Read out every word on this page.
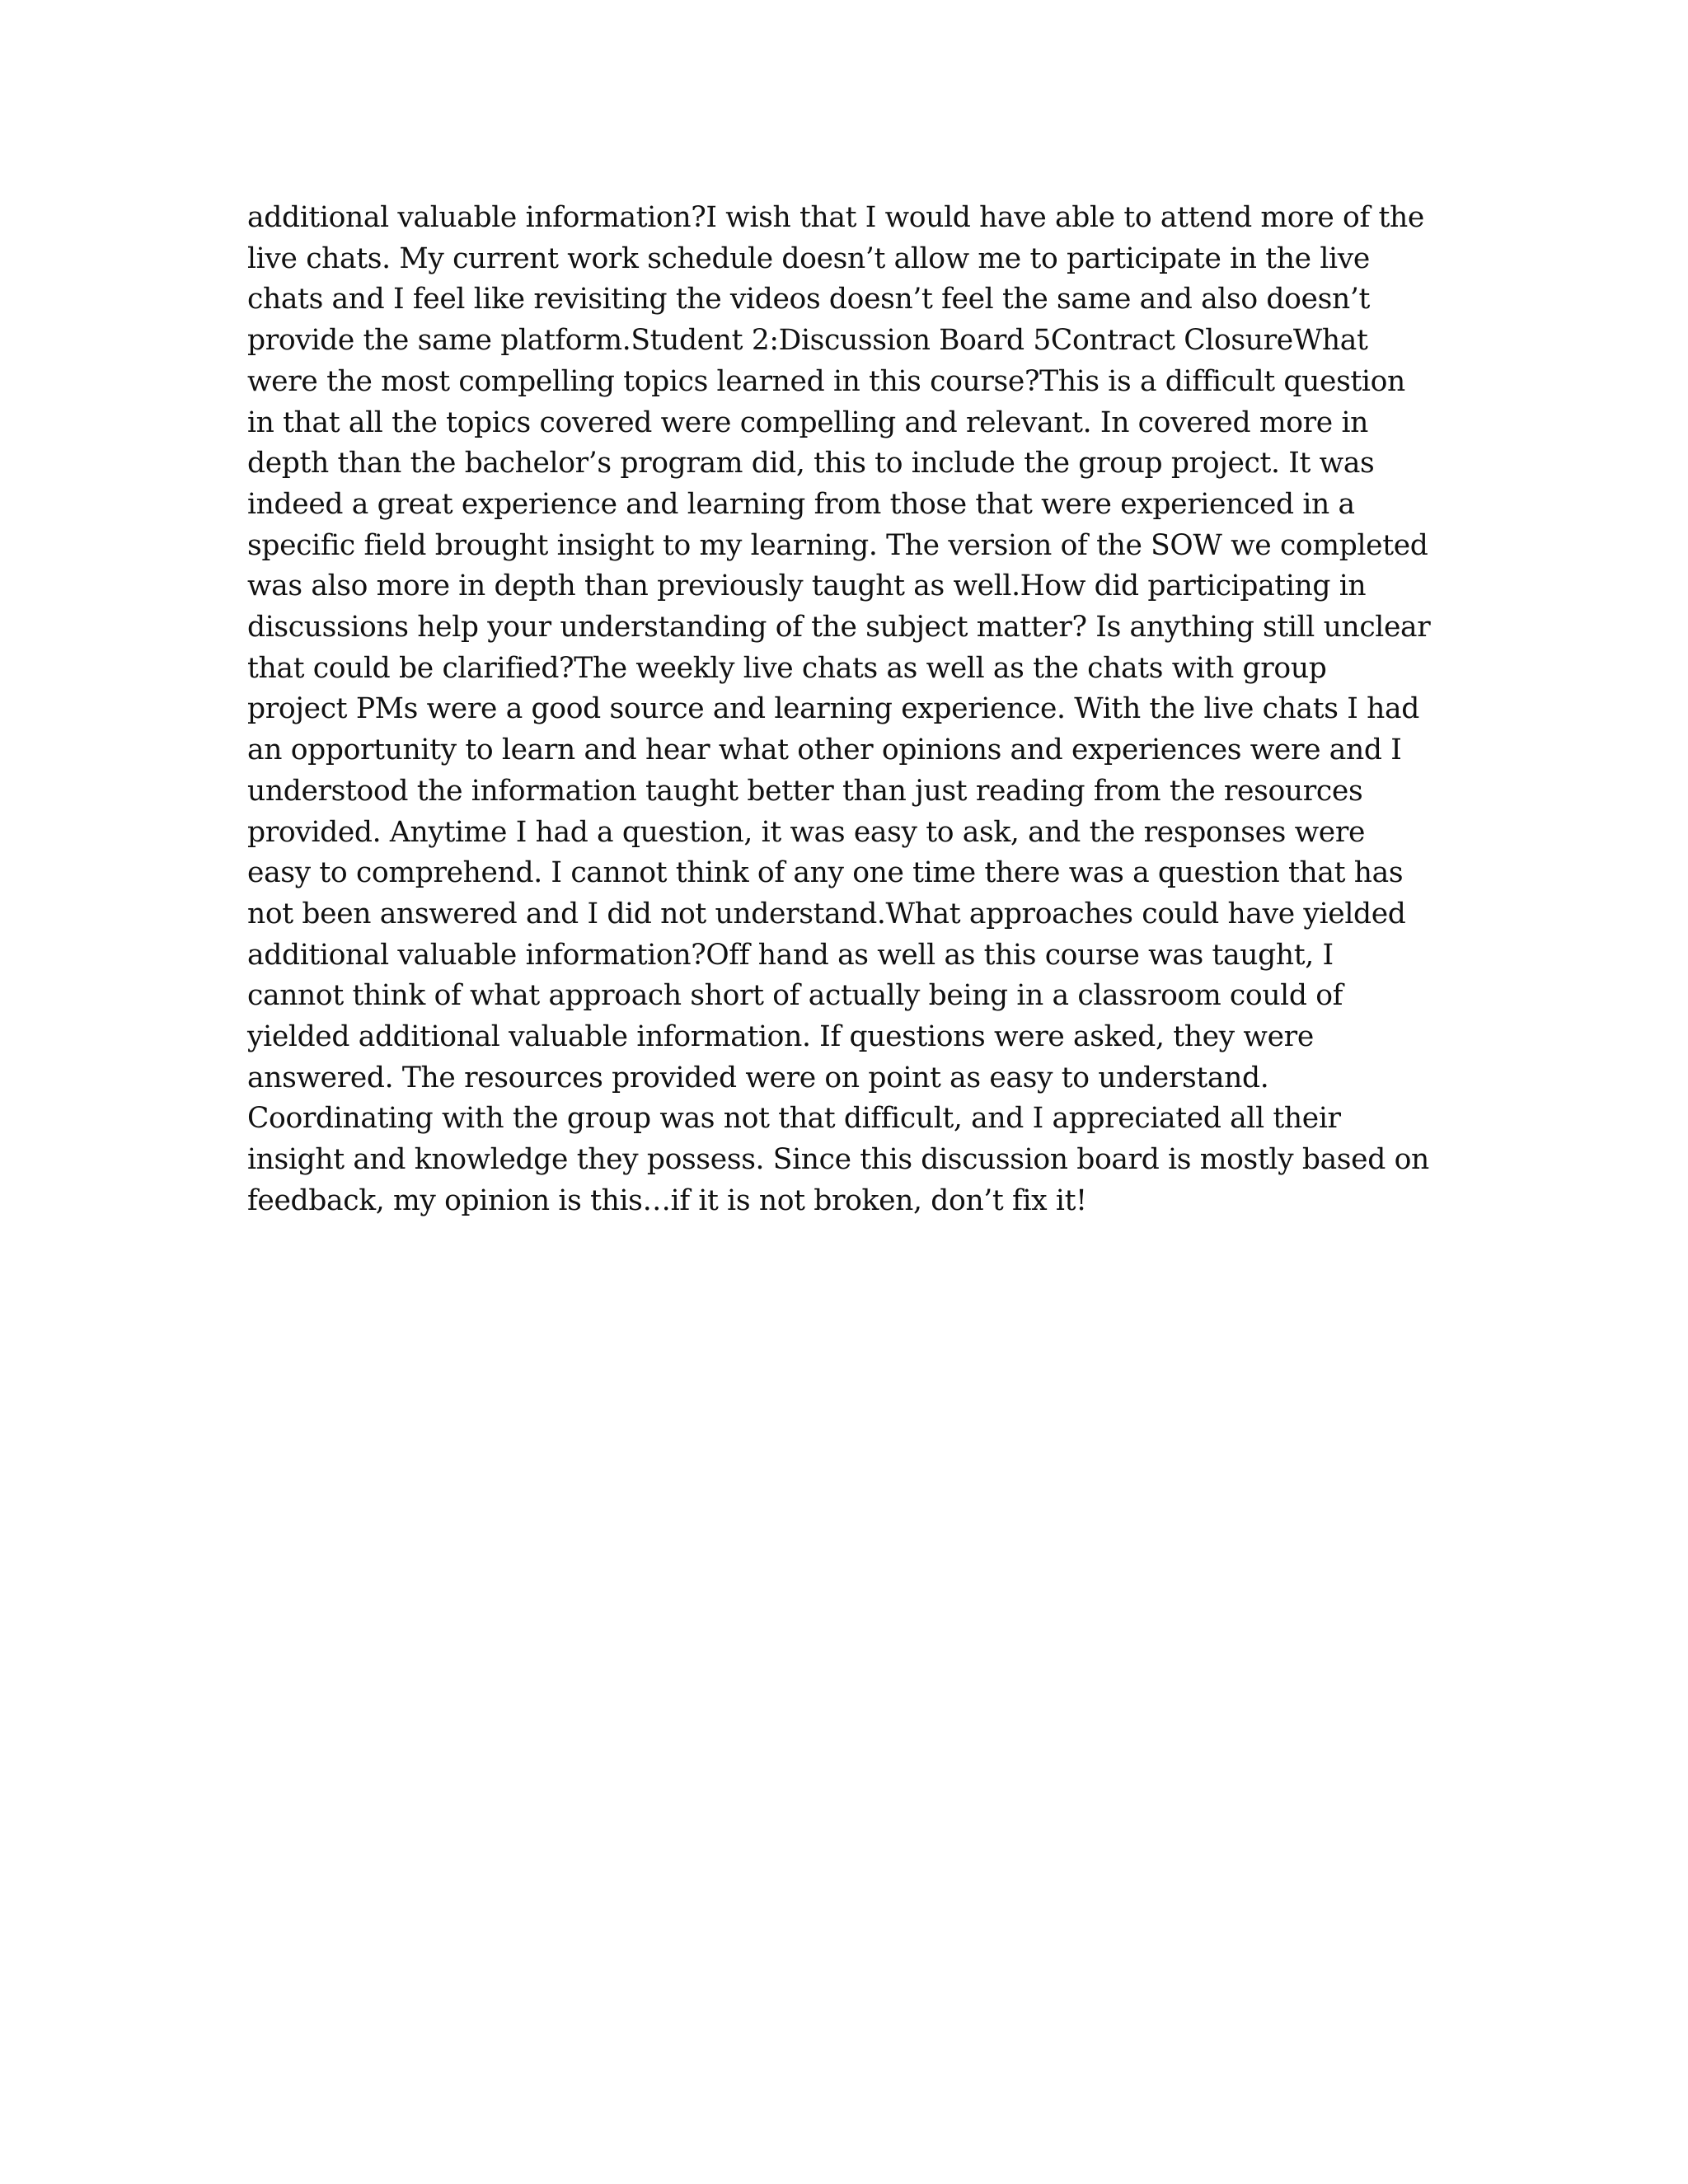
additional valuable information?I wish that I would have able to attend more of the live chats. My current work schedule doesn’t allow me to participate in the live chats and I feel like revisiting the videos doesn’t feel the same and also doesn’t provide the same platform.Student 2:Discussion Board 5Contract ClosureWhat were the most compelling topics learned in this course?This is a difficult question in that all the topics covered were compelling and relevant. In covered more in depth than the bachelor’s program did, this to include the group project. It was indeed a great experience and learning from those that were experienced in a specific field brought insight to my learning. The version of the SOW we completed was also more in depth than previously taught as well.How did participating in discussions help your understanding of the subject matter? Is anything still unclear that could be clarified?The weekly live chats as well as the chats with group project PMs were a good source and learning experience. With the live chats I had an opportunity to learn and hear what other opinions and experiences were and I understood the information taught better than just reading from the resources provided. Anytime I had a question, it was easy to ask, and the responses were easy to comprehend. I cannot think of any one time there was a question that has not been answered and I did not understand.What approaches could have yielded additional valuable information?Off hand as well as this course was taught, I cannot think of what approach short of actually being in a classroom could of yielded additional valuable information. If questions were asked, they were answered. The resources provided were on point as easy to understand. Coordinating with the group was not that difficult, and I appreciated all their insight and knowledge they possess. Since this discussion board is mostly based on feedback, my opinion is this…if it is not broken, don’t fix it!
